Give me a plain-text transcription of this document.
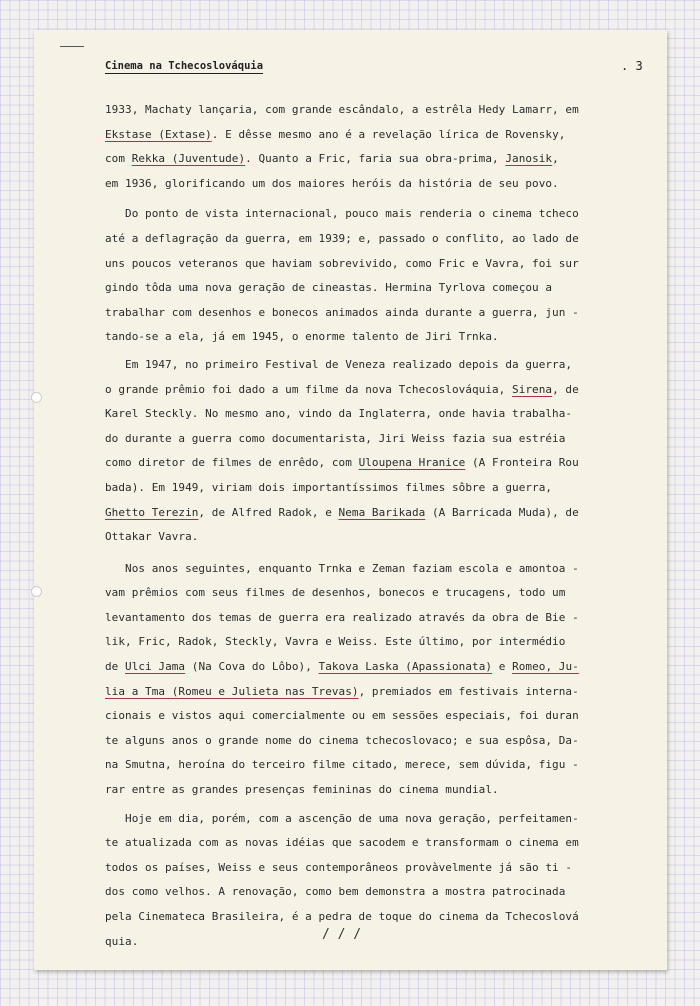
Cinema na Tchecoslováquia	. 3
1933, Machaty lançaria, com grande escândalo, a estrêla Hedy Lamarr, em
Ekstase (Extase). E dêsse mesmo ano é a revelação lírica de Rovensky,
com Rekka (Juventude). Quanto a Fric, faria sua obra-prima, Janosik,
em 1936, glorificando um dos maiores heróis da história de seu povo.
Do ponto de vista internacional, pouco mais renderia o cinema tcheco
até a deflagração da guerra, em 1939; e, passado o conflito, ao lado de
uns poucos veteranos que haviam sobrevivido, como Fric e Vavra, foi sur
gindo tôda uma nova geração de cineastas. Hermina Tyrlova começou a
trabalhar com desenhos e bonecos animados ainda durante a guerra, jun -
tando-se a ela, já em 1945, o enorme talento de Jiri Trnka.
Em 1947, no primeiro Festival de Veneza realizado depois da guerra,
o grande prêmio foi dado a um filme da nova Tchecoslováquia, Sirena, de
Karel Steckly. No mesmo ano, vindo da Inglaterra, onde havia trabalha-
do durante a guerra como documentarista, Jiri Weiss fazia sua estréia
como diretor de filmes de enrêdo, com Uloupena Hranice (A Fronteira Rou
bada). Em 1949, viriam dois importantíssimos filmes sôbre a guerra,
Ghetto Terezin, de Alfred Radok, e Nema Barikada (A Barricada Muda), de
Ottakar Vavra.
Nos anos seguintes, enquanto Trnka e Zeman faziam escola e amontoa -
vam prêmios com seus filmes de desenhos, bonecos e trucagens, todo um
levantamento dos temas de guerra era realizado através da obra de Bie -
lik, Fric, Radok, Steckly, Vavra e Weiss. Este último, por intermédio
de Ulci Jama (Na Cova do Lôbo), Takova Laska (Apassionata) e Romeo, Ju-
lia a Tma (Romeu e Julieta nas Trevas), premiados em festivais interna-
cionais e vistos aqui comercialmente ou em sessões especiais, foi duran
te alguns anos o grande nome do cinema tchecoslovaco; e sua espôsa, Da-
na Smutna, heroína do terceiro filme citado, merece, sem dúvida, figu -
rar entre as grandes presenças femininas do cinema mundial.
Hoje em dia, porém, com a ascenção de uma nova geração, perfeitamen-
te atualizada com as novas idéias que sacodem e transformam o cinema em
todos os países, Weiss e seus contemporâneos provàvelmente já são ti -
dos como velhos. A renovação, como bem demonstra a mostra patrocinada
pela Cinemateca Brasileira, é a pedra de toque do cinema da Tchecoslová
quia.	/ / /
